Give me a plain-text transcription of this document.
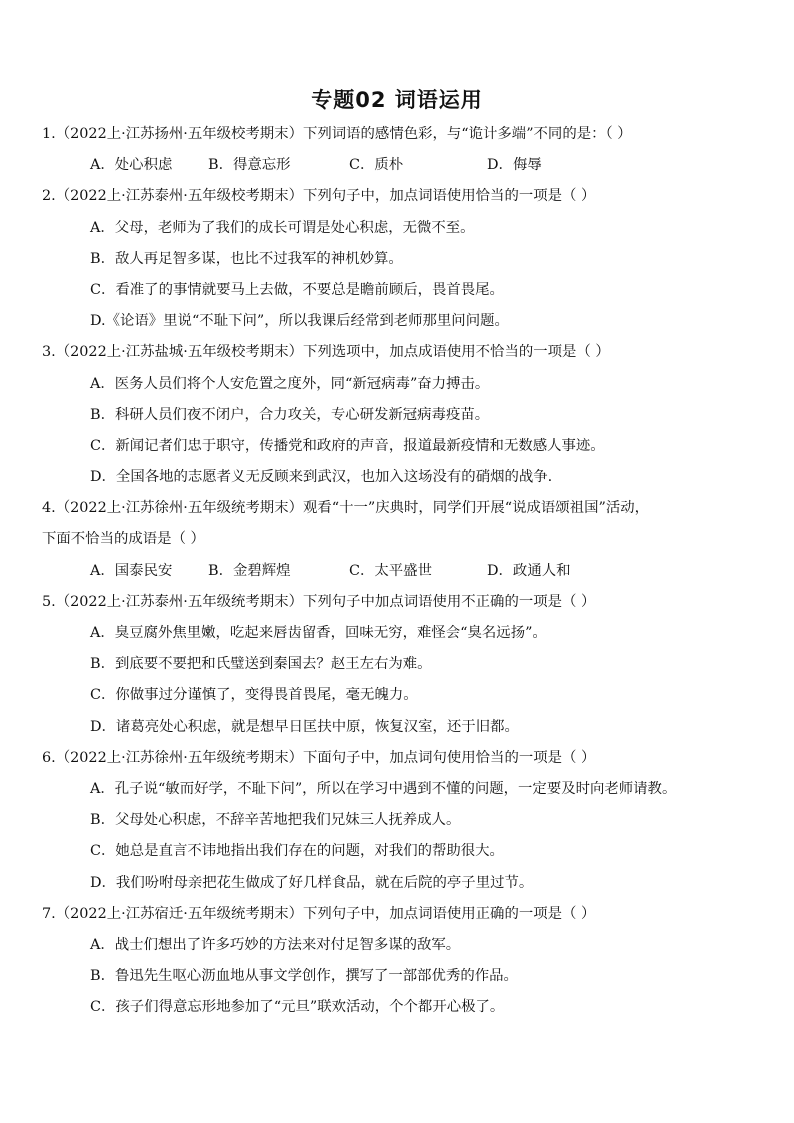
专题02 词语运用
1.（2022上·江苏扬州·五年级校考期末）下列词语的感情色彩，与“诡计多端”不同的是：（ ）
A．处心积虑	B．得意忘形	C．质朴	D．侮辱
2.（2022上·江苏泰州·五年级校考期末）下列句子中，加点词语使用恰当的一项是（ ）
A．父母，老师为了我们的成长可谓是处心积虑，无微不至。
B．敌人再足智多谋，也比不过我军的神机妙算。
C．看准了的事情就要马上去做，不要总是瞻前顾后，畏首畏尾。
D.《论语》里说“不耻下问”，所以我课后经常到老师那里问问题。
3.（2022上·江苏盐城·五年级校考期末）下列选项中，加点成语使用不恰当的一项是（ ）
A．医务人员们将个人安危置之度外，同“新冠病毒”奋力搏击。
B．科研人员们夜不闭户，合力攻关，专心研发新冠病毒疫苗。
C．新闻记者们忠于职守，传播党和政府的声音，报道最新疫情和无数感人事迹。
D．全国各地的志愿者义无反顾来到武汉，也加入这场没有的硝烟的战争.
4.（2022上·江苏徐州·五年级统考期末）观看“十一”庆典时，同学们开展“说成语颂祖国”活动，
下面不恰当的成语是（ ）
A．国泰民安	B．金碧辉煌	C．太平盛世	D．政通人和
5.（2022上·江苏泰州·五年级统考期末）下列句子中加点词语使用不正确的一项是（ ）
A．臭豆腐外焦里嫩，吃起来唇齿留香，回味无穷，难怪会“臭名远扬”。
B．到底要不要把和氏璧送到秦国去？赵王左右为难。
C．你做事过分谨慎了，变得畏首畏尾，毫无魄力。
D．诸葛亮处心积虑，就是想早日匡扶中原，恢复汉室，还于旧都。
6.（2022上·江苏徐州·五年级统考期末）下面句子中，加点词句使用恰当的一项是（ ）
A．孔子说“敏而好学，不耻下问”，所以在学习中遇到不懂的问题，一定要及时向老师请教。
B．父母处心积虑，不辞辛苦地把我们兄妹三人抚养成人。
C．她总是直言不讳地指出我们存在的问题，对我们的帮助很大。
D．我们吩咐母亲把花生做成了好几样食品，就在后院的亭子里过节。
7.（2022上·江苏宿迁·五年级统考期末）下列句子中，加点词语使用正确的一项是（ ）
A．战士们想出了许多巧妙的方法来对付足智多谋的敌军。
B．鲁迅先生呕心沥血地从事文学创作，撰写了一部部优秀的作品。
C．孩子们得意忘形地参加了“元旦”联欢活动，个个都开心极了。
